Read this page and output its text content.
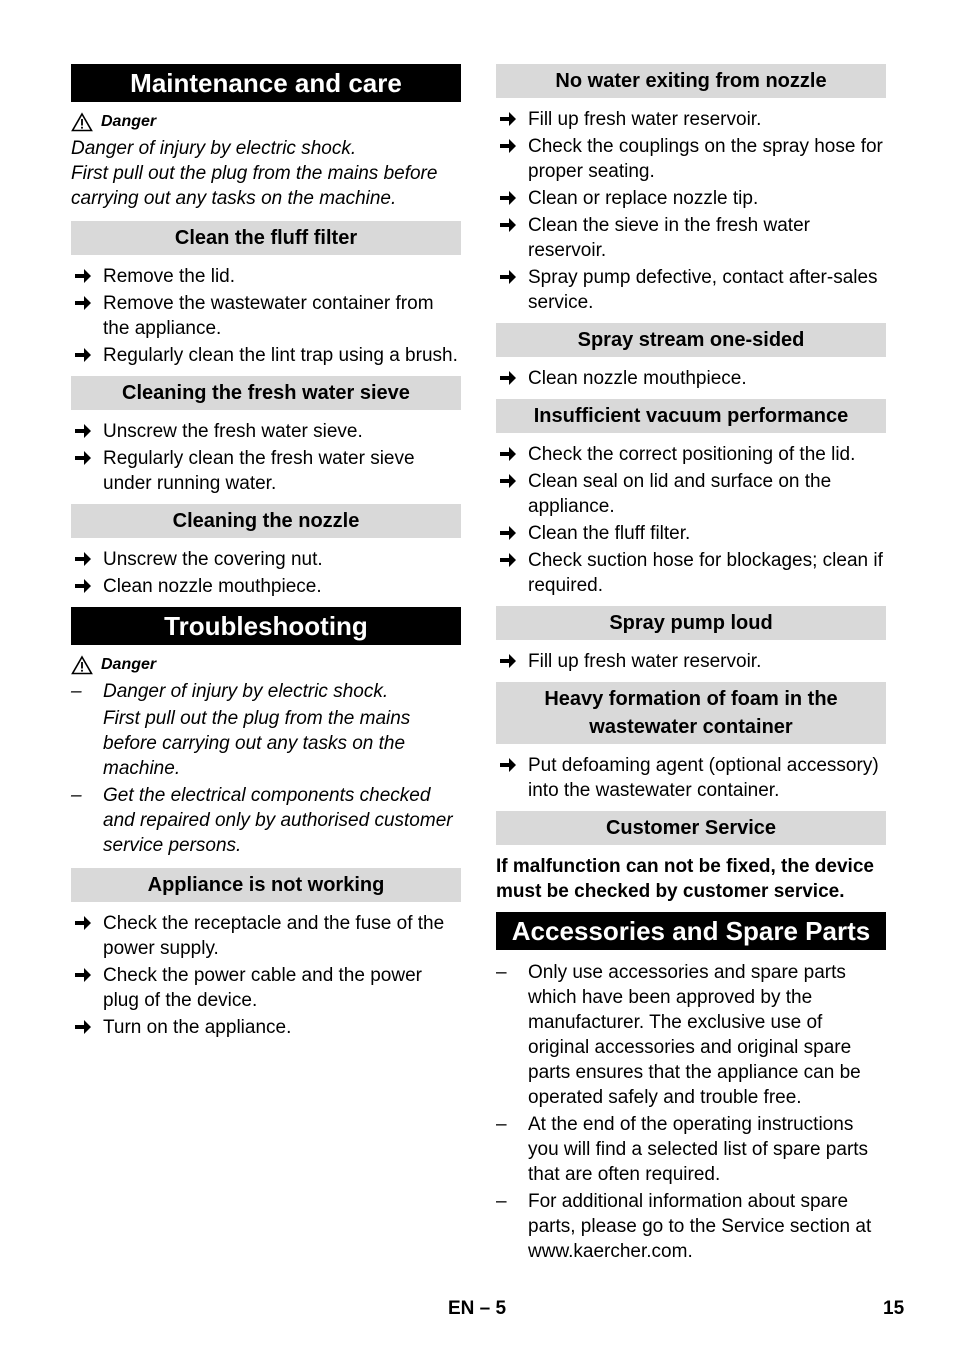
Maintenance and care
Danger

Danger of injury by electric shock.

First pull out the plug from the mains before carrying out any tasks on the machine.

Clean the fluff filter
Remove the lid.
Remove the wastewater container from the appliance.
Regularly clean the lint trap using a brush.
Cleaning the fresh water sieve
Unscrew the fresh water sieve.
Regularly clean the fresh water sieve under running water.
Cleaning the nozzle
Unscrew the covering nut.
Clean nozzle mouthpiece.
Troubleshooting
Danger
– Danger of injury by electric shock.
First pull out the plug from the mains before carrying out any tasks on the machine.
– Get the electrical components checked and repaired only by authorised customer service persons.
Appliance is not working
Check the receptacle and the fuse of the power supply.
Check the power cable and the power plug of the device.
Turn on the appliance.
No water exiting from nozzle
Fill up fresh water reservoir.
Check the couplings on the spray hose for proper seating.
Clean or replace nozzle tip.
Clean the sieve in the fresh water reservoir.
Spray pump defective, contact after-sales service.
Spray stream one-sided
Clean nozzle mouthpiece.
Insufficient vacuum performance
Check the correct positioning of the lid.
Clean seal on lid and surface on the appliance.
Clean the fluff filter.
Check suction hose for blockages; clean if required.
Spray pump loud
Fill up fresh water reservoir.
Heavy formation of foam in the wastewater container
Put defoaming agent (optional accessory) into the wastewater container.
Customer Service

If malfunction can not be fixed, the device must be checked by customer service.

Accessories and Spare Parts
– Only use accessories and spare parts which have been approved by the manufacturer. The exclusive use of original accessories and original spare parts ensures that the appliance can be operated safely and trouble free.
– At the end of the operating instructions you will find a selected list of spare parts that are often required.
– For additional information about spare parts, please go to the Service section at www.kaercher.com.
EN – 5	15
